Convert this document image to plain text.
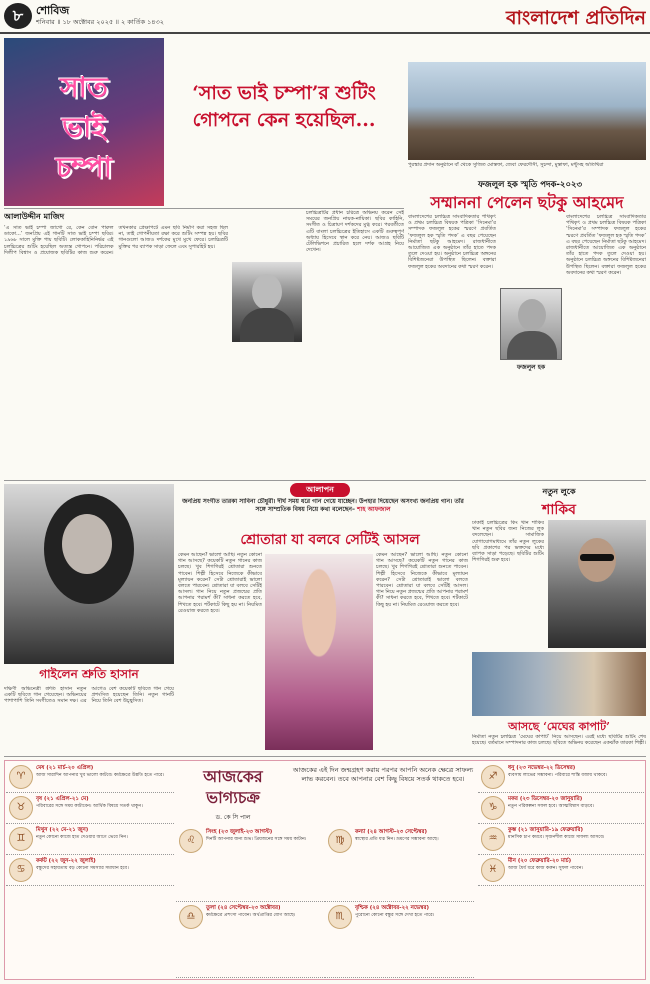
৮	শোবিজ
শনিবার ॥ ১৮ অক্টোবর ২০২৫ ॥ ২ কার্তিক ১৪৩২	বাংলাদেশ প্রতিদিন
সাত ভাই চম্পা
‘সাত ভাই চম্পা’র শুটিং গোপনে কেন হয়েছিল...
আলাউদ্দীন মাজিদ
‘এ সাত ভাই চম্পা জাগো রে, কেন বোন পারুল ডাকো...’ জনপ্রিয় এই গানটি সাত ভাই চম্পা ছবির। ১৯৬৮ সালে মুক্তি পায় ছবিটি। লোককাহিনিনির্ভর এই চলচ্চিত্রের শুটিং হয়েছিল অত্যন্ত গোপনে। পরিচালক দিলীপ বিশ্বাস ও প্রযোজক ছবিটির কাজ শুরু করেন। তখনকার প্রেক্ষাপটে এমন ছবি নির্মাণ করা সহজ ছিল না, তাই গোপনীয়তা রক্ষা করে শুটিং সম্পন্ন হয়। ছবির গানগুলো আজও দর্শকের মুখে মুখে ফেরে। চলচ্চিত্রটি মুক্তির পর ব্যাপক সাড়া ফেলে এবং সুপারহিট হয়।
চলচ্চিত্রটির প্রধান চরিত্রে অভিনয় করেন সেই সময়ের জনপ্রিয় নায়ক-নায়িকা। ছবির কাহিনি, সংগীত ও চিত্রায়ণ দর্শকদের মুগ্ধ করে। পরবর্তীতে এটি বাংলা চলচ্চিত্রের ইতিহাসে একটি গুরুত্বপূর্ণ অধ্যায় হিসেবে স্থান করে নেয়। আজও ছবিটি টেলিভিশনে প্রচারিত হলে দর্শক আগ্রহ নিয়ে দেখেন।
পুরস্কার প্রদান অনুষ্ঠানে বাঁ থেকে সুজিত মোস্তফা, জেবা ফেরদৌসী, সুচন্দা, মুস্তাফা, মন্টুসহ অতিথিরা
ফজলুল হক স্মৃতি পদক-২০২৩
সম্মাননা পেলেন ছটকু আহমেদ
বাংলাদেশের চলচ্চিত্র সাংবাদিকতার পথিকৃৎ ও প্রথম চলচ্চিত্র বিষয়ক পত্রিকা ‘সিনেমা’র সম্পাদক ফজলুল হকের স্মরণে প্রবর্তিত ‘ফজলুল হক স্মৃতি পদক’ এ বছর পেয়েছেন নির্মাতা ছটকু আহমেদ। রাজধানীতে আয়োজিত এক অনুষ্ঠানে তাঁর হাতে পদক তুলে দেওয়া হয়। অনুষ্ঠানে চলচ্চিত্র অঙ্গনের বিশিষ্টজনেরা উপস্থিত ছিলেন। বক্তারা ফজলুল হকের অবদানের কথা স্মরণ করেন।
ফজলুল হক
বাংলাদেশের চলচ্চিত্র সাংবাদিকতার পথিকৃৎ ও প্রথম চলচ্চিত্র বিষয়ক পত্রিকা ‘সিনেমা’র সম্পাদক ফজলুল হকের স্মরণে প্রবর্তিত ‘ফজলুল হক স্মৃতি পদক’ এ বছর পেয়েছেন নির্মাতা ছটকু আহমেদ। রাজধানীতে আয়োজিত এক অনুষ্ঠানে তাঁর হাতে পদক তুলে দেওয়া হয়। অনুষ্ঠানে চলচ্চিত্র অঙ্গনের বিশিষ্টজনেরা উপস্থিত ছিলেন। বক্তারা ফজলুল হকের অবদানের কথা স্মরণ করেন।
গাইলেন শ্রুতি হাসান
দক্ষিণী অভিনেত্রী শ্রুতি হাসান নতুন একটি ছবিতে গান গেয়েছেন। অভিনয়ের পাশাপাশি তিনি সংগীতেও সমান দক্ষ। এর আগেও বেশ কয়েকটি ছবিতে গান গেয়ে প্রশংসিত হয়েছেন তিনি। নতুন গানটি নিয়ে তিনি বেশ উচ্ছ্বসিত।
আলাপন
জনপ্রিয় সংগীত তারকা সাবিনা চৌধুরী। দীর্ঘ সময় ধরে গান গেয়ে যাচ্ছেন। উপহার দিয়েছেন অসংখ্য জনপ্রিয় গান। তাঁর সঙ্গে সাম্প্রতিক বিষয় নিয়ে কথা বলেছেন– শাহ আফজাল
শ্রোতারা যা বলবে সেটিই আসল
কেমন আছেন? ভালো আছি। নতুন কোনো গান আসছে? কয়েকটি নতুন গানের কাজ চলছে। খুব শিগগিরই শ্রোতারা শুনতে পাবেন। শিল্পী হিসেবে নিজেকে কীভাবে মূল্যায়ন করেন? সেটা শ্রোতারাই ভালো বলতে পারবেন। শ্রোতারা যা বলবে সেটিই আসল। গান নিয়ে নতুন প্রজন্মের প্রতি আপনার পরামর্শ কী? সাধনা করতে হবে, শিখতে হবে। শর্টকাটে কিছু হয় না। নিয়মিত রেওয়াজ করতে হবে।
কেমন আছেন? ভালো আছি। নতুন কোনো গান আসছে? কয়েকটি নতুন গানের কাজ চলছে। খুব শিগগিরই শ্রোতারা শুনতে পাবেন। শিল্পী হিসেবে নিজেকে কীভাবে মূল্যায়ন করেন? সেটা শ্রোতারাই ভালো বলতে পারবেন। শ্রোতারা যা বলবে সেটিই আসল। গান নিয়ে নতুন প্রজন্মের প্রতি আপনার পরামর্শ কী? সাধনা করতে হবে, শিখতে হবে। শর্টকাটে কিছু হয় না। নিয়মিত রেওয়াজ করতে হবে।
নতুন লুকে
শাকিব
ঢাকাই চলচ্চিত্রের কিং খান শাকিব খান নতুন ছবির জন্য নিজের লুক বদলেছেন। সামাজিক যোগাযোগমাধ্যমে তাঁর নতুন লুকের ছবি প্রকাশের পর ভক্তদের মধ্যে ব্যাপক সাড়া পড়েছে। ছবিটির শুটিং শিগগিরই শুরু হবে।
আসছে ‘মেঘের কাপাট’
নির্মাতা নতুন চলচ্চিত্র ‘মেঘের কাপাট’ নিয়ে আসছেন। এরই মধ্যে ছবিটির শুটিং শেষ হয়েছে। বর্তমানে সম্পাদনার কাজ চলছে। ছবিতে অভিনয় করেছেন একঝাঁক তারকা শিল্পী।
♈
মেষ (২১ মার্চ-২০ এপ্রিল)
আজ সারাদিন আপনার খুব ভালো কাটবে। কর্মক্ষেত্রে উন্নতি হতে পারে।
♉
বৃষ (২১ এপ্রিল-২১ মে)
পরিবারের সঙ্গে সময় কাটাবেন। আর্থিক বিষয়ে সতর্ক থাকুন।
♊
মিথুন (২২ মে-২১ জুন)
নতুন কোনো কাজে হাত দেওয়ার আগে ভেবে নিন।
♋
কর্কট (২২ জুন-২২ জুলাই)
বন্ধুদের সহায়তায় বড় কোনো সমস্যার সমাধান হবে।
আজকের ভাগ্যচক্র
ড. কে সি পাল
আজকের এই দিন জন্মগ্রহণ করায় পরপর আপনি অনেক ক্ষেত্রে সাফল্য লাভ করবেন। তবে আপনার বেশ কিছু বিষয়ে সতর্ক থাকতে হবে।
♌
সিংহ (২৩ জুলাই-২৩ আগস্ট)
দিনটি আপনার জন্য শুভ। প্রিয়জনের সঙ্গে সময় কাটান।	♍
কন্যা (২৪ আগস্ট-২৩ সেপ্টেম্বর)
স্বাস্থ্যের প্রতি যত্ন নিন। ভ্রমণের সম্ভাবনা আছে।
♎
তুলা (২৪ সেপ্টেম্বর-২৩ অক্টোবর)
কর্মক্ষেত্রে প্রশংসা পাবেন। অর্থপ্রাপ্তির যোগ আছে।	♏
বৃশ্চিক (২৪ অক্টোবর-২২ নভেম্বর)
পুরোনো কোনো বন্ধুর সঙ্গে দেখা হতে পারে।
♐
ধনু (২৩ নভেম্বর-২২ ডিসেম্বর)
ব্যবসায় লাভের সম্ভাবনা। পরিবারে শান্তি বজায় থাকবে।
♑
মকর (২৩ ডিসেম্বর-২০ জানুয়ারি)
নতুন পরিকল্পনা সফল হবে। আত্মবিশ্বাস বাড়বে।
♒
কুম্ভ (২১ জানুয়ারি-১৯ ফেব্রুয়ারি)
মানসিক চাপ কমবে। সৃজনশীল কাজে সাফল্য আসবে।
♓
মীন (২০ ফেব্রুয়ারি-২০ মার্চ)
আজ ধৈর্য ধরে কাজ করুন। সুফল পাবেন।
